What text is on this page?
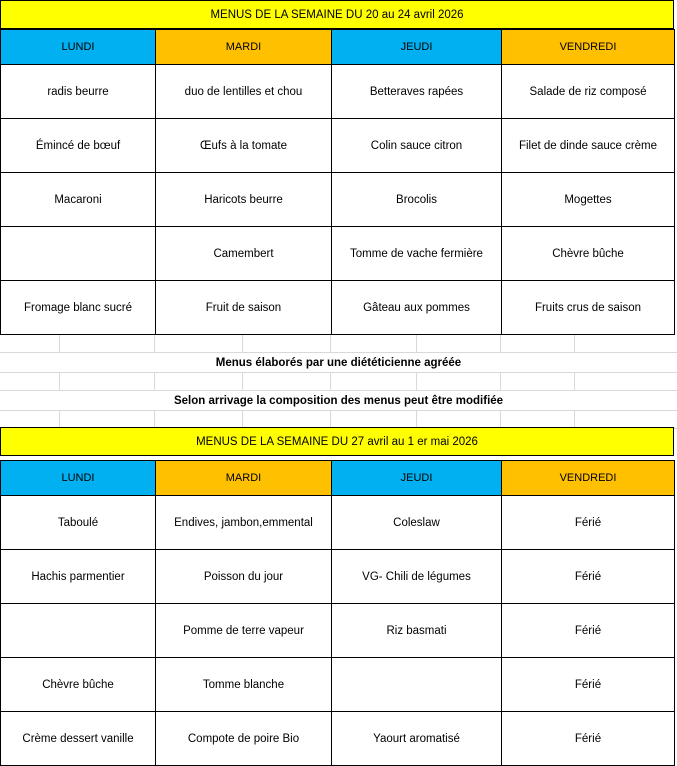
MENUS DE LA SEMAINE DU 20 au 24 avril 2026
LUNDI	MARDI	JEUDI	VENDREDI
radis beurre	duo de lentilles et chou	Betteraves rapées	Salade de riz composé
Émincé de bœuf	Œufs à la tomate	Colin sauce citron	Filet de dinde sauce crème
Macaroni	Haricots beurre	Brocolis	Mogettes
	Camembert	Tomme de vache fermière	Chèvre bûche
Fromage blanc sucré	Fruit de saison	Gâteau aux pommes	Fruits crus de saison
Menus élaborés par une diététicienne agréée
Selon arrivage la composition des menus peut être modifiée
MENUS DE LA SEMAINE DU 27 avril au 1 er mai 2026
LUNDI	MARDI	JEUDI	VENDREDI
Taboulé	Endives, jambon,emmental	Coleslaw	Férié
Hachis parmentier	Poisson du jour	VG- Chili de légumes	Férié
	Pomme de terre vapeur	Riz basmati	Férié
Chèvre bûche	Tomme blanche		Férié
Crème dessert vanille	Compote de poire Bio	Yaourt aromatisé	Férié
